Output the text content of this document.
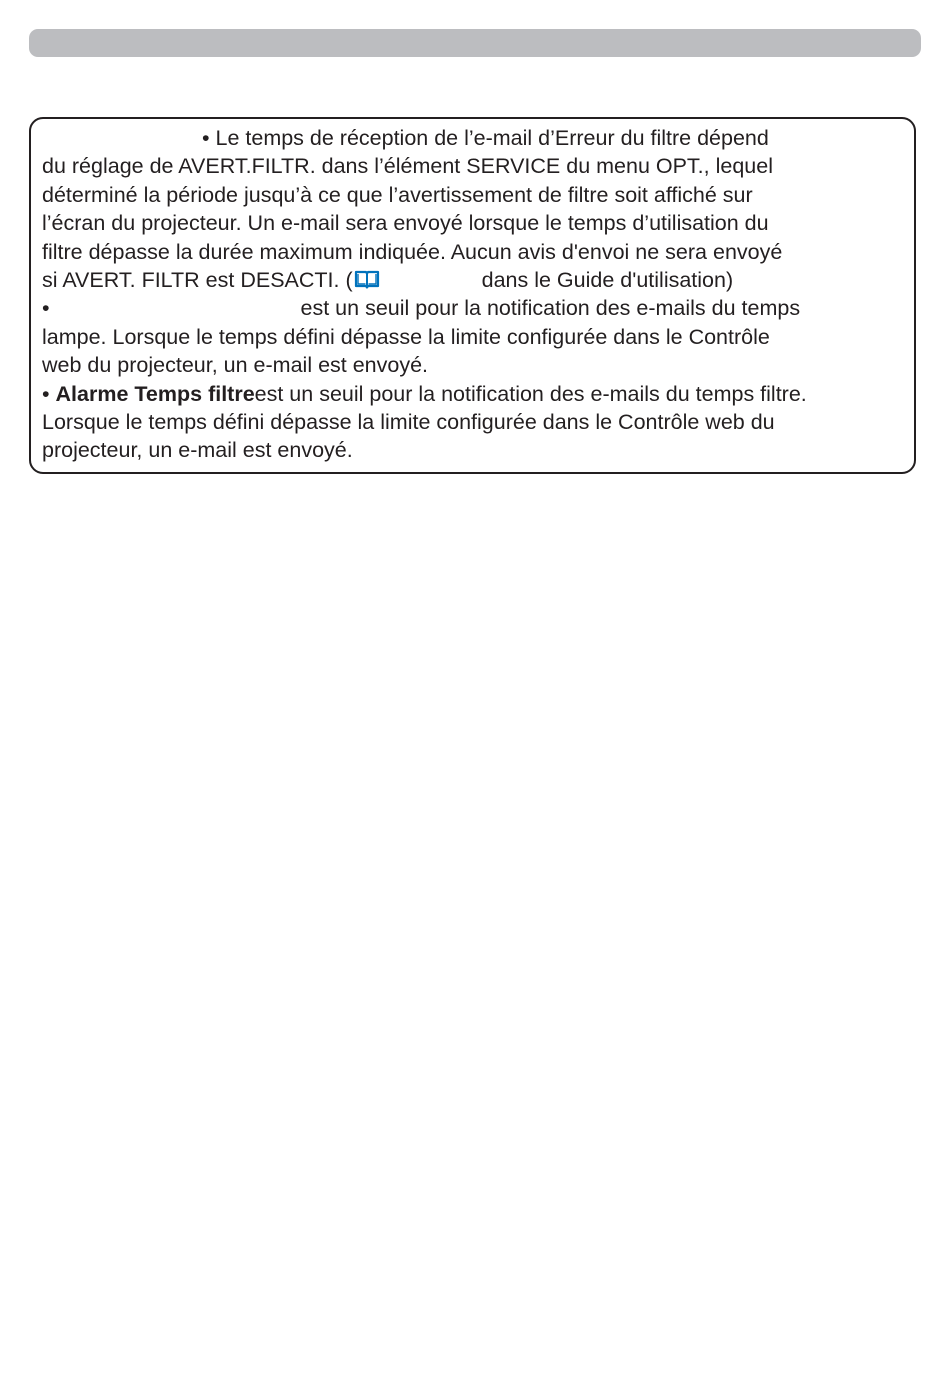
• Le temps de réception de l’e-mail d’Erreur du filtre dépend
du réglage de AVERT.FILTR. dans l’élément SERVICE du menu OPT., lequel
déterminé la période jusqu’à ce que l’avertissement de filtre soit affiché sur
l’écran du projecteur. Un e-mail sera envoyé lorsque le temps d’utilisation du
filtre dépasse la durée maximum indiquée. Aucun avis d'envoi ne sera envoyé
si AVERT. FILTR est DESACTI. (	dans le Guide d'utilisation)
•	est un seuil pour la notification des e-mails du temps
lampe. Lorsque le temps défini dépasse la limite configurée dans le Contrôle
web du projecteur, un e-mail est envoyé.
• Alarme Temps filtreest un seuil pour la notification des e-mails du temps filtre.
Lorsque le temps défini dépasse la limite configurée dans le Contrôle web du
projecteur, un e-mail est envoyé.
